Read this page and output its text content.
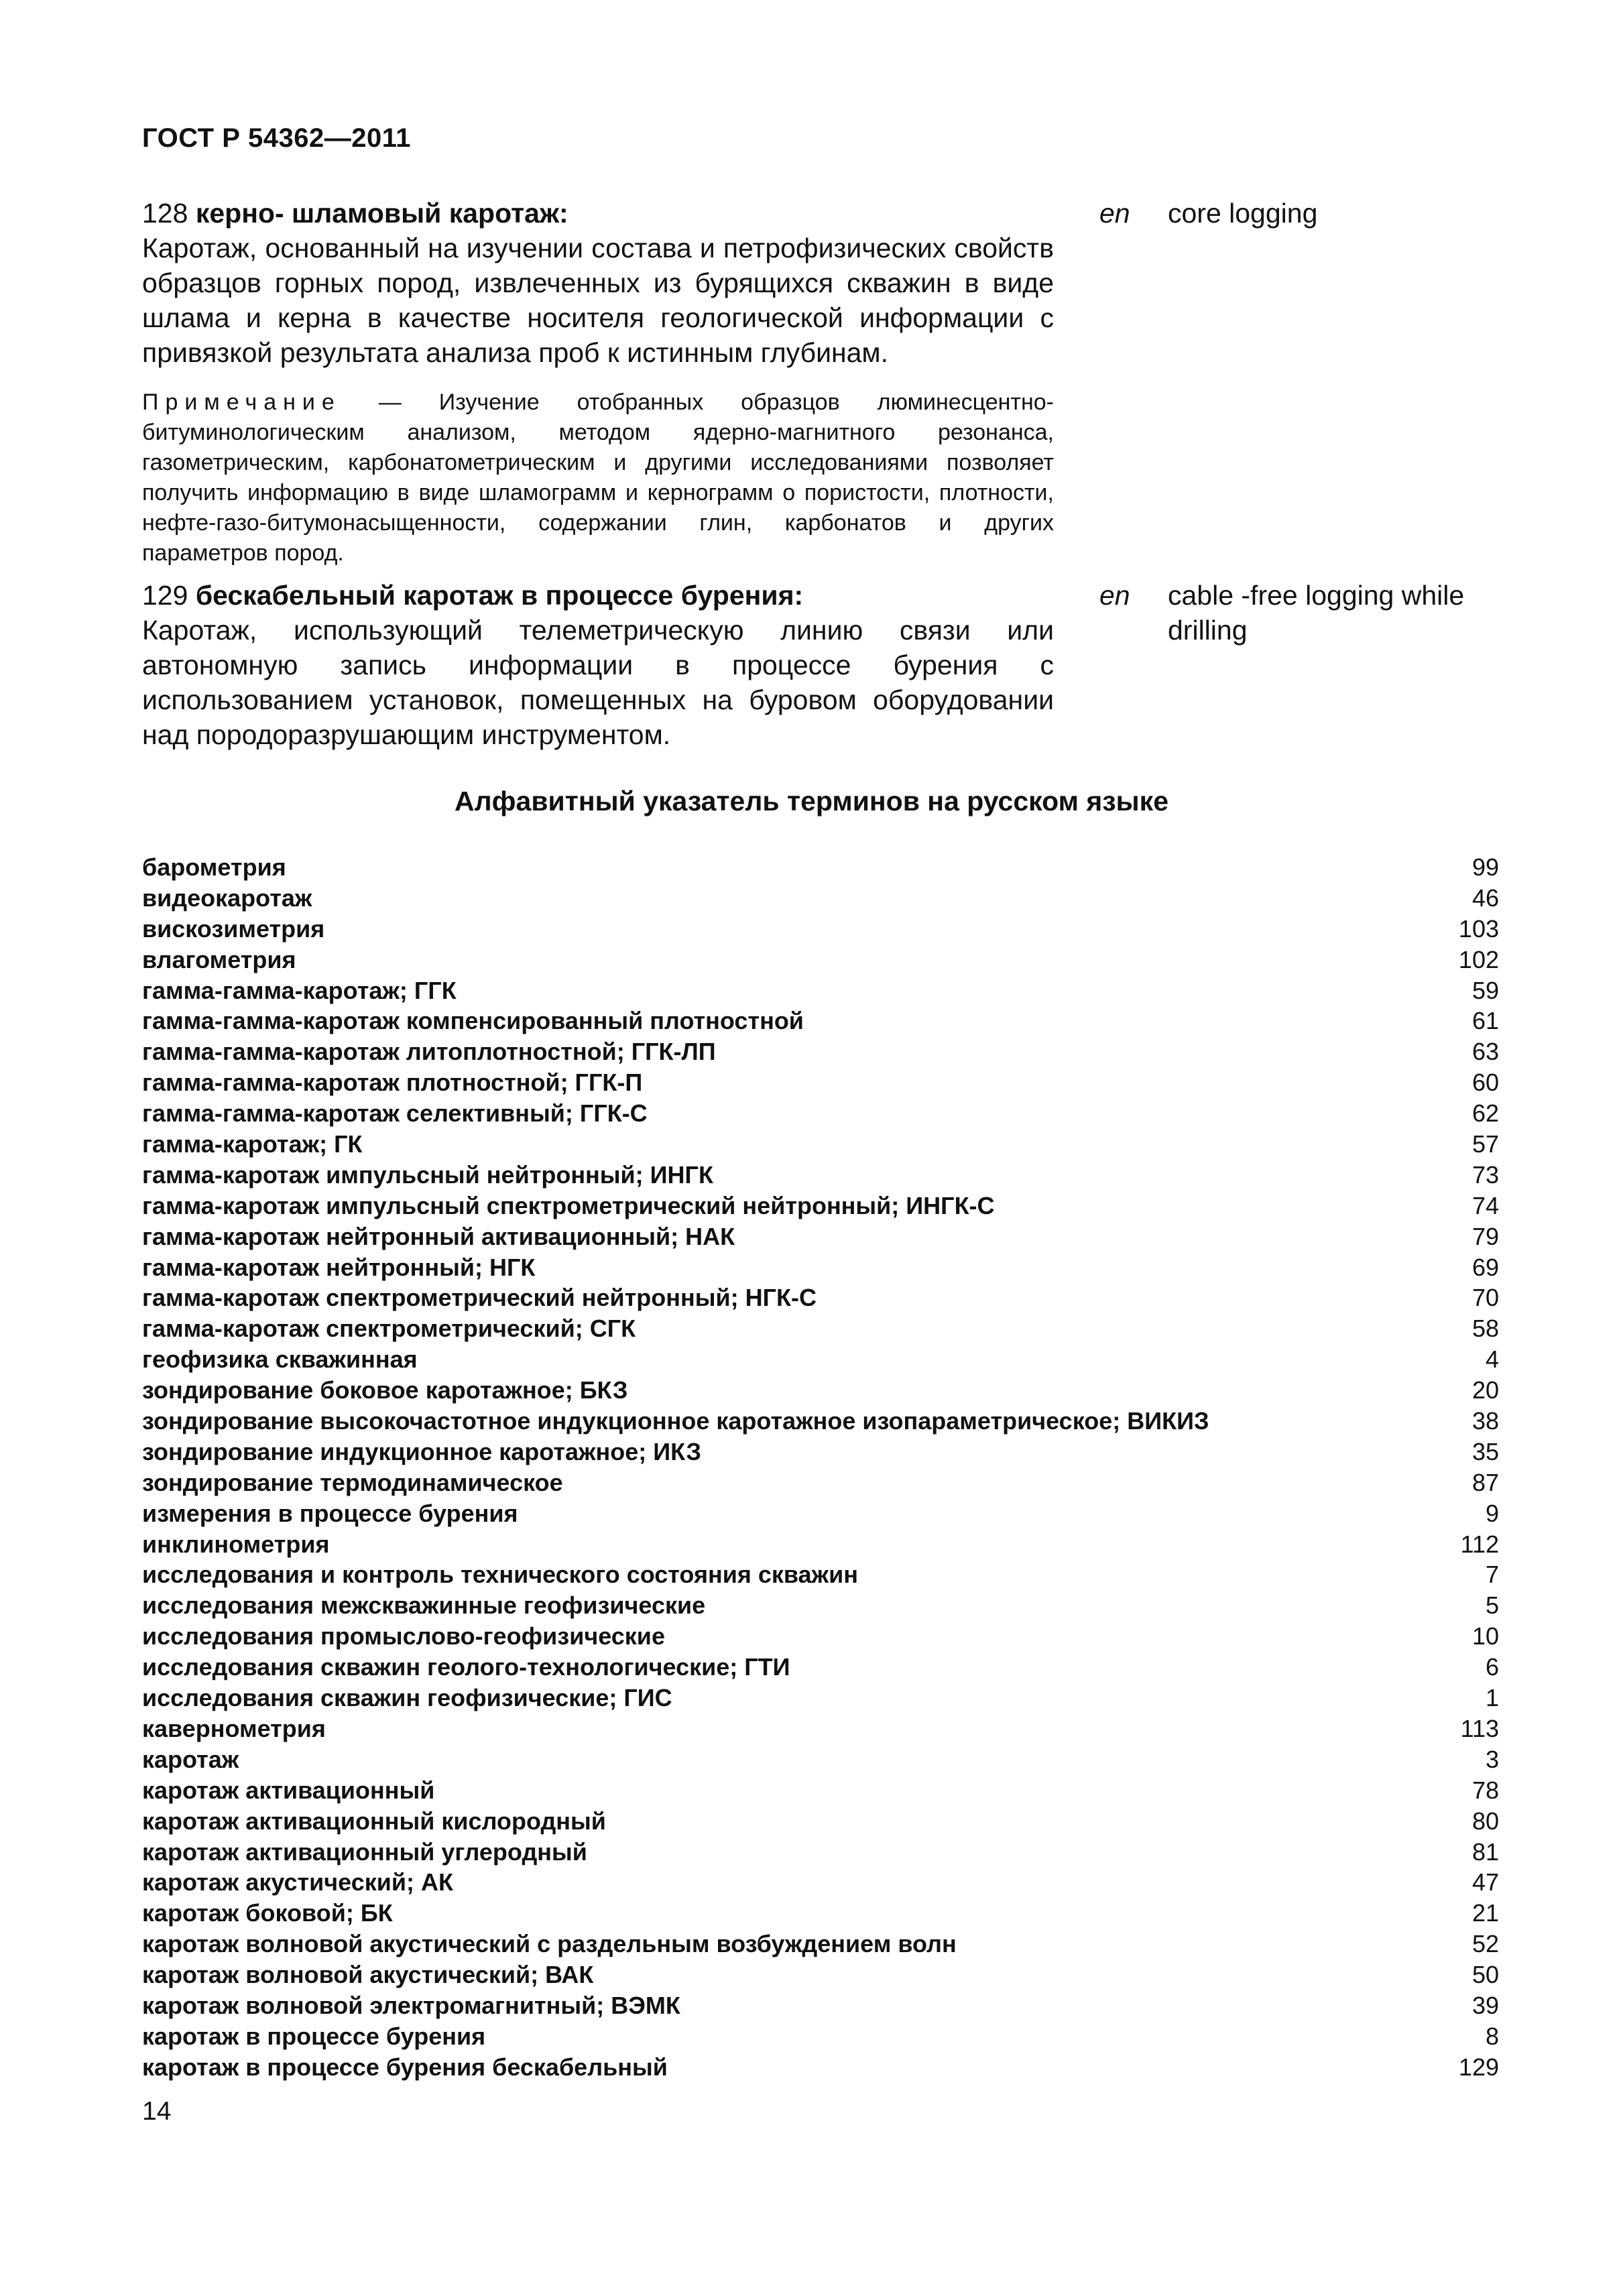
ГОСТ Р 54362—2011
128 керно- шламовый каротаж:
Каротаж, основанный на изучении состава и петрофизических свойств образцов горных пород, извлеченных из бурящихся скважин в виде шлама и керна в качестве носителя геологической информации с привязкой результата анализа проб к истинным глубинам.
en core logging
Примечание — Изучение отобранных образцов люминесцентно-битуминологическим анализом, методом ядерно-магнитного резонанса, газометрическим, карбонатометрическим и другими исследованиями позволяет получить информацию в виде шламограмм и кернограмм о пористости, плотности, нефте-газо-битумонасыщенности, содержании глин, карбонатов и других параметров пород.
129 бескабельный каротаж в процессе бурения:
Каротаж, использующий телеметрическую линию связи или автономную запись информации в процессе бурения с использованием установок, помещенных на буровом оборудовании над породоразрушающим инструментом.
en cable -free logging while drilling
Алфавитный указатель терминов на русском языке
барометрия	99
видеокаротаж	46
вискозиметрия	103
влагометрия	102
гамма-гамма-каротаж; ГГК	59
гамма-гамма-каротаж компенсированный плотностной	61
гамма-гамма-каротаж литоплотностной; ГГК-ЛП	63
гамма-гамма-каротаж плотностной; ГГК-П	60
гамма-гамма-каротаж селективный; ГГК-С	62
гамма-каротаж; ГК	57
гамма-каротаж импульсный нейтронный; ИНГК	73
гамма-каротаж импульсный спектрометрический нейтронный; ИНГК-С	74
гамма-каротаж нейтронный активационный; НАК	79
гамма-каротаж нейтронный; НГК	69
гамма-каротаж спектрометрический нейтронный; НГК-С	70
гамма-каротаж спектрометрический; СГК	58
геофизика скважинная	4
зондирование боковое каротажное; БКЗ	20
зондирование высокочастотное индукционное каротажное изопараметрическое; ВИКИЗ	38
зондирование индукционное каротажное; ИКЗ	35
зондирование термодинамическое	87
измерения в процессе бурения	9
инклинометрия	112
исследования и контроль технического состояния скважин	7
исследования межскважинные геофизические	5
исследования промыслово-геофизические	10
исследования скважин геолого-технологические; ГТИ	6
исследования скважин геофизические; ГИС	1
кавернометрия	113
каротаж	3
каротаж активационный	78
каротаж активационный кислородный	80
каротаж активационный углеродный	81
каротаж акустический; АК	47
каротаж боковой; БК	21
каротаж волновой акустический с раздельным возбуждением волн	52
каротаж волновой акустический; ВАК	50
каротаж волновой электромагнитный; ВЭМК	39
каротаж в процессе бурения	8
каротаж в процессе бурения бескабельный	129
14
